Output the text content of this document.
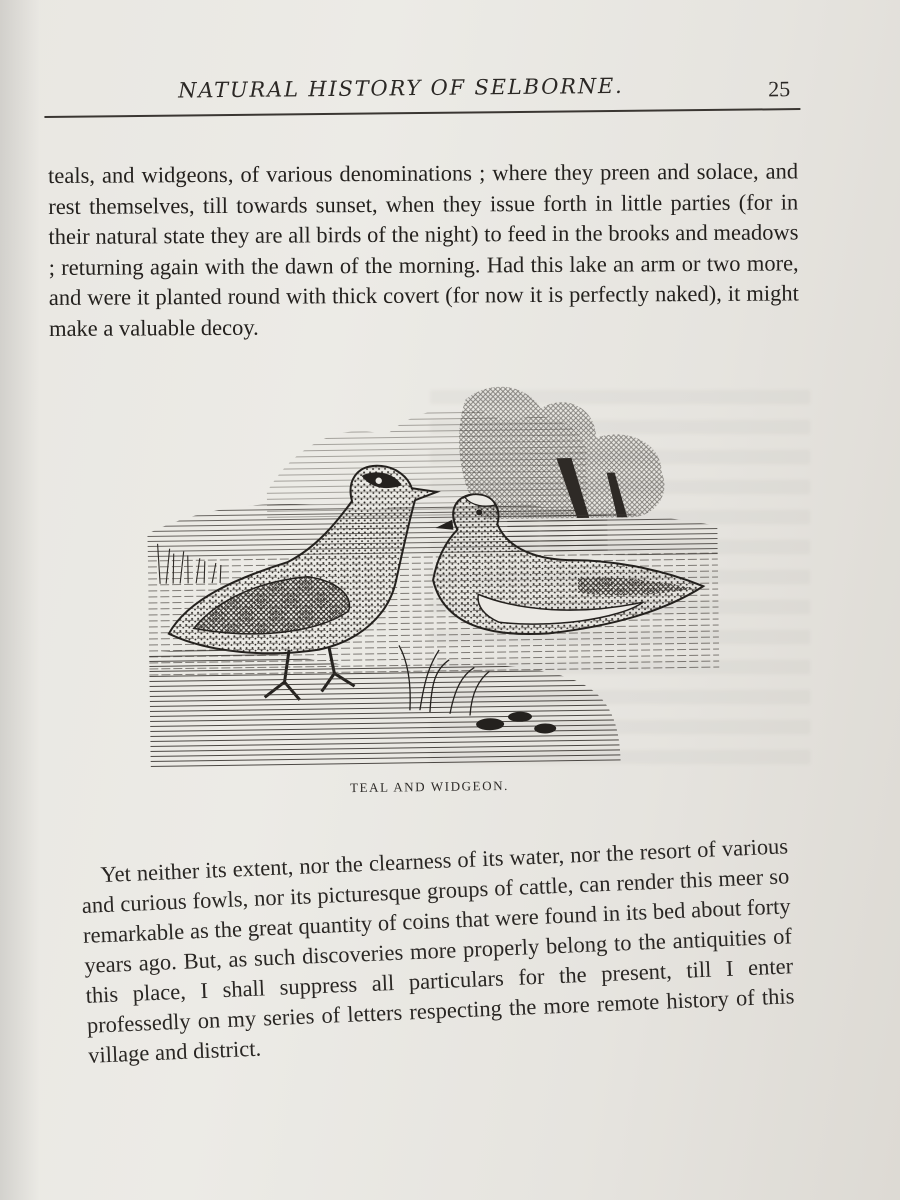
NATURAL HISTORY OF SELBORNE.	25

teals, and widgeons, of various denominations ; where they preen and solace, and rest themselves, till towards sunset, when they issue forth in little parties (for in their natural state they are all birds of the night) to feed in the brooks and meadows ; returning again with the dawn of the morning. Had this lake an arm or two more, and were it planted round with thick covert (for now it is perfectly naked), it might make a valuable decoy.

TEAL AND WIDGEON.

Yet neither its extent, nor the clearness of its water, nor the resort of various and curious fowls, nor its picturesque groups of cattle, can render this meer so remarkable as the great quantity of coins that were found in its bed about forty years ago. But, as such discoveries more properly belong to the antiquities of this place, I shall suppress all particulars for the present, till I enter professedly on my series of letters respecting the more remote history of this village and district.
